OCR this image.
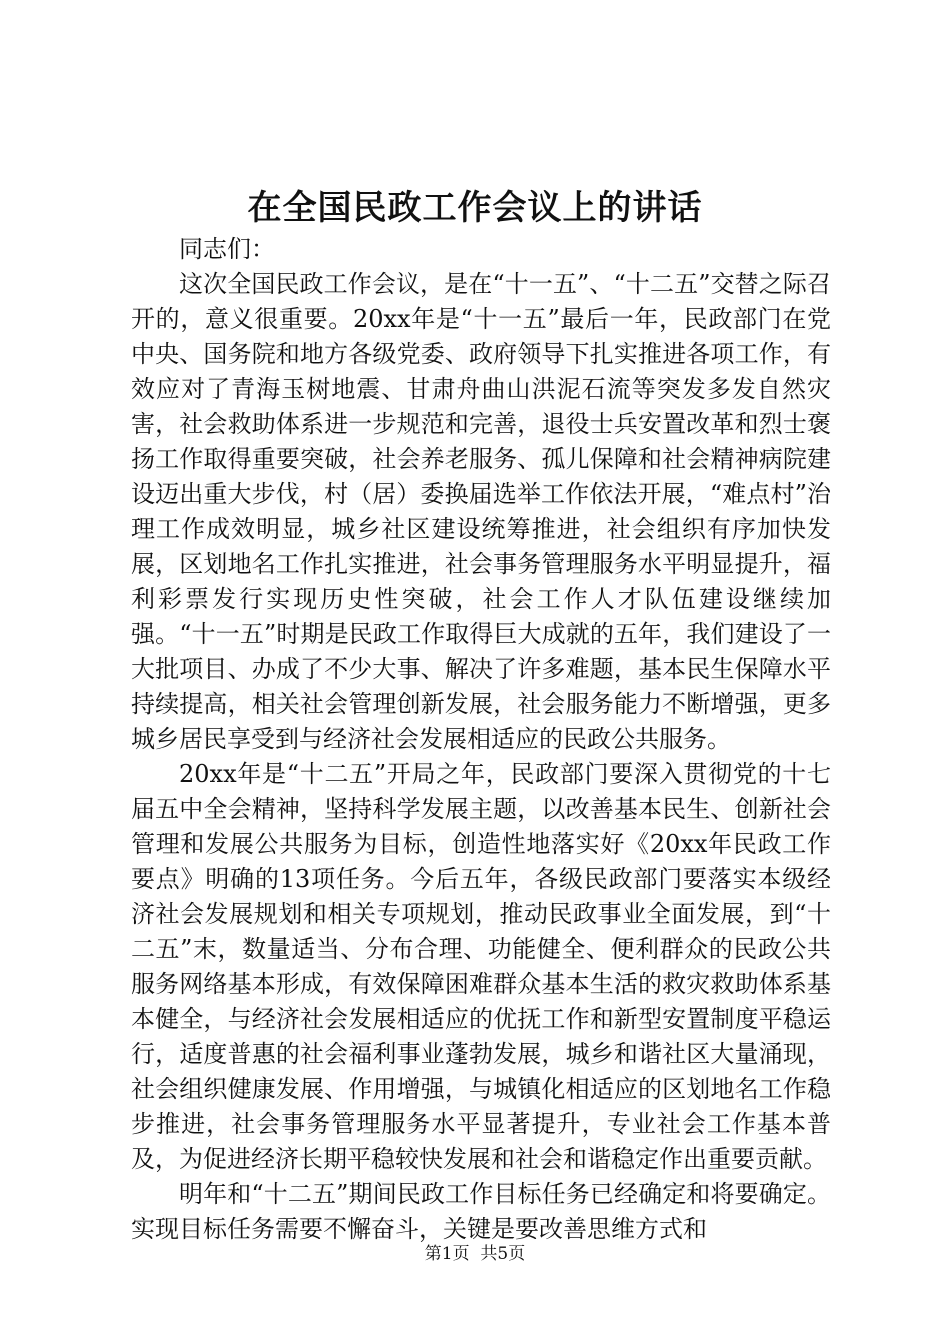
在全国民政工作会议上的讲话

同志们：

这次全国民政工作会议，是在“十一五”、“十二五”交替之际召开的，意义很重要。20xx年是“十一五”最后一年，民政部门在党中央、国务院和地方各级党委、政府领导下扎实推进各项工作，有效应对了青海玉树地震、甘肃舟曲山洪泥石流等突发多发自然灾害，社会救助体系进一步规范和完善，退役士兵安置改革和烈士褒扬工作取得重要突破，社会养老服务、孤儿保障和社会精神病院建设迈出重大步伐，村（居）委换届选举工作依法开展，“难点村”治理工作成效明显，城乡社区建设统筹推进，社会组织有序加快发展，区划地名工作扎实推进，社会事务管理服务水平明显提升，福利彩票发行实现历史性突破，社会工作人才队伍建设继续加强。“十一五”时期是民政工作取得巨大成就的五年，我们建设了一大批项目、办成了不少大事、解决了许多难题，基本民生保障水平持续提高，相关社会管理创新发展，社会服务能力不断增强，更多城乡居民享受到与经济社会发展相适应的民政公共服务。

20xx年是“十二五”开局之年，民政部门要深入贯彻党的十七届五中全会精神，坚持科学发展主题，以改善基本民生、创新社会管理和发展公共服务为目标，创造性地落实好《20xx年民政工作要点》明确的13项任务。今后五年，各级民政部门要落实本级经济社会发展规划和相关专项规划，推动民政事业全面发展，到“十二五”末，数量适当、分布合理、功能健全、便利群众的民政公共服务网络基本形成，有效保障困难群众基本生活的救灾救助体系基本健全，与经济社会发展相适应的优抚工作和新型安置制度平稳运行，适度普惠的社会福利事业蓬勃发展，城乡和谐社区大量涌现，社会组织健康发展、作用增强，与城镇化相适应的区划地名工作稳步推进，社会事务管理服务水平显著提升，专业社会工作基本普及，为促进经济长期平稳较快发展和社会和谐稳定作出重要贡献。

明年和“十二五”期间民政工作目标任务已经确定和将要确定。实现目标任务需要不懈奋斗，关键是要改善思维方式和

第1页  共5页
